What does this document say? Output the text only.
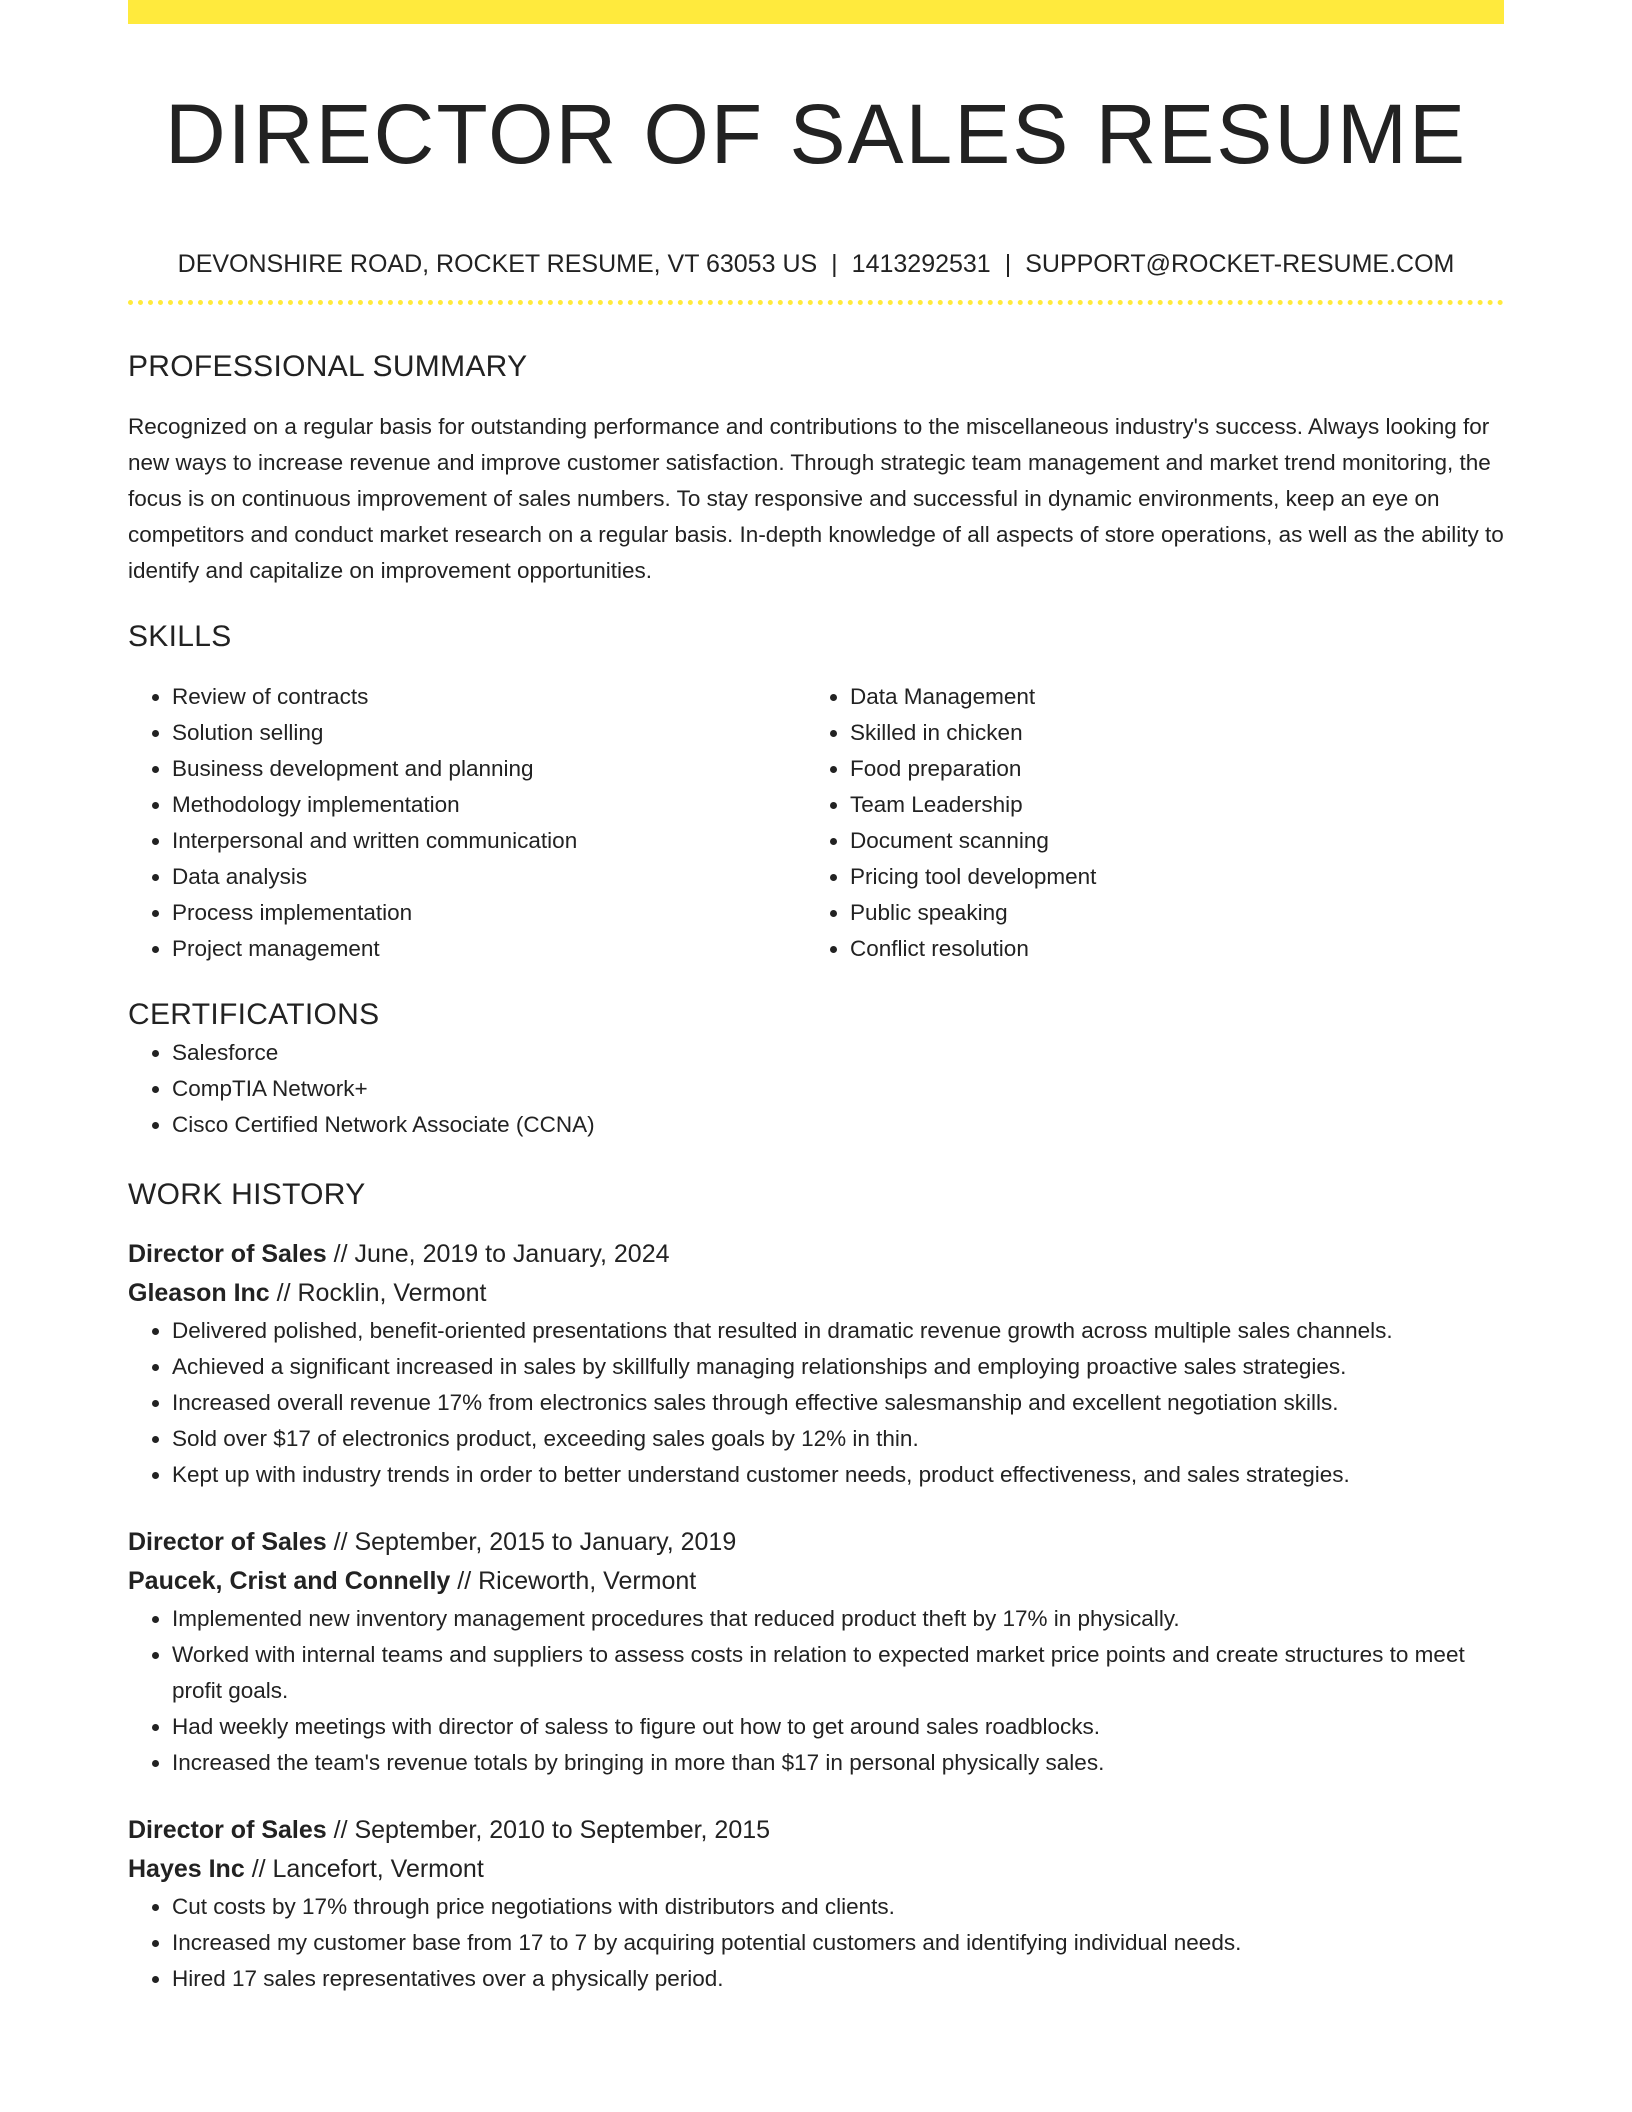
DIRECTOR OF SALES RESUME
DEVONSHIRE ROAD, ROCKET RESUME, VT 63053 US | 1413292531 | SUPPORT@ROCKET-RESUME.COM
PROFESSIONAL SUMMARY
Recognized on a regular basis for outstanding performance and contributions to the miscellaneous industry's success. Always looking for new ways to increase revenue and improve customer satisfaction. Through strategic team management and market trend monitoring, the focus is on continuous improvement of sales numbers. To stay responsive and successful in dynamic environments, keep an eye on competitors and conduct market research on a regular basis. In-depth knowledge of all aspects of store operations, as well as the ability to identify and capitalize on improvement opportunities.
SKILLS
• Review of contracts
• Solution selling
• Business development and planning
• Methodology implementation
• Interpersonal and written communication
• Data analysis
• Process implementation
• Project management
• Data Management
• Skilled in chicken
• Food preparation
• Team Leadership
• Document scanning
• Pricing tool development
• Public speaking
• Conflict resolution
CERTIFICATIONS
• Salesforce
• CompTIA Network+
• Cisco Certified Network Associate (CCNA)
WORK HISTORY
Director of Sales // June, 2019 to January, 2024
Gleason Inc // Rocklin, Vermont
• Delivered polished, benefit-oriented presentations that resulted in dramatic revenue growth across multiple sales channels.
• Achieved a significant increased in sales by skillfully managing relationships and employing proactive sales strategies.
• Increased overall revenue 17% from electronics sales through effective salesmanship and excellent negotiation skills.
• Sold over $17 of electronics product, exceeding sales goals by 12% in thin.
• Kept up with industry trends in order to better understand customer needs, product effectiveness, and sales strategies.
Director of Sales // September, 2015 to January, 2019
Paucek, Crist and Connelly // Riceworth, Vermont
• Implemented new inventory management procedures that reduced product theft by 17% in physically.
• Worked with internal teams and suppliers to assess costs in relation to expected market price points and create structures to meet profit goals.
• Had weekly meetings with director of saless to figure out how to get around sales roadblocks.
• Increased the team's revenue totals by bringing in more than $17 in personal physically sales.
Director of Sales // September, 2010 to September, 2015
Hayes Inc // Lancefort, Vermont
• Cut costs by 17% through price negotiations with distributors and clients.
• Increased my customer base from 17 to 7 by acquiring potential customers and identifying individual needs.
• Hired 17 sales representatives over a physically period.
